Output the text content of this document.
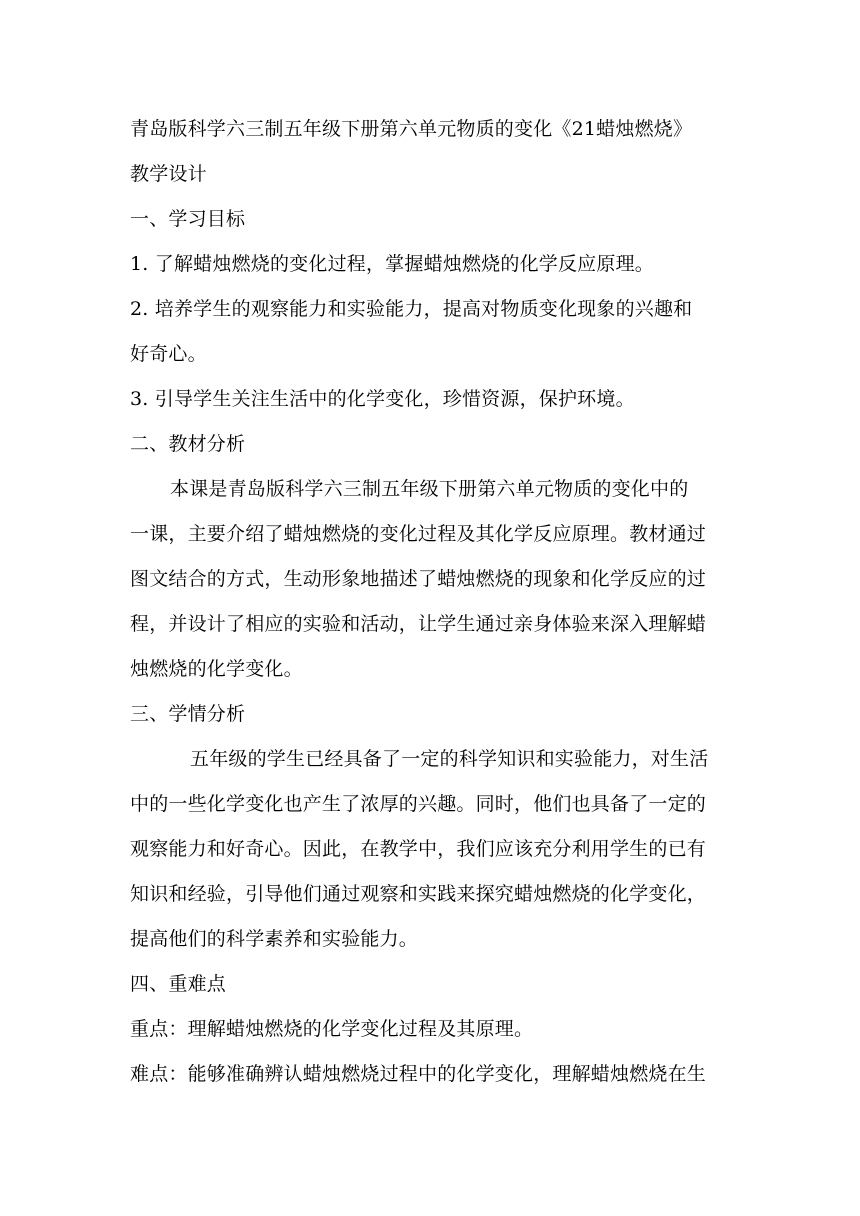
青岛版科学六三制五年级下册第六单元物质的变化《21蜡烛燃烧》
教学设计
一、学习目标
1. 了解蜡烛燃烧的变化过程，掌握蜡烛燃烧的化学反应原理。
2. 培养学生的观察能力和实验能力，提高对物质变化现象的兴趣和
好奇心。
3. 引导学生关注生活中的化学变化，珍惜资源，保护环境。
二、教材分析
本课是青岛版科学六三制五年级下册第六单元物质的变化中的
一课，主要介绍了蜡烛燃烧的变化过程及其化学反应原理。教材通过
图文结合的方式，生动形象地描述了蜡烛燃烧的现象和化学反应的过
程，并设计了相应的实验和活动，让学生通过亲身体验来深入理解蜡
烛燃烧的化学变化。
三、学情分析
五年级的学生已经具备了一定的科学知识和实验能力，对生活
中的一些化学变化也产生了浓厚的兴趣。同时，他们也具备了一定的
观察能力和好奇心。因此，在教学中，我们应该充分利用学生的已有
知识和经验，引导他们通过观察和实践来探究蜡烛燃烧的化学变化，
提高他们的科学素养和实验能力。
四、重难点
重点：理解蜡烛燃烧的化学变化过程及其原理。
难点：能够准确辨认蜡烛燃烧过程中的化学变化，理解蜡烛燃烧在生
